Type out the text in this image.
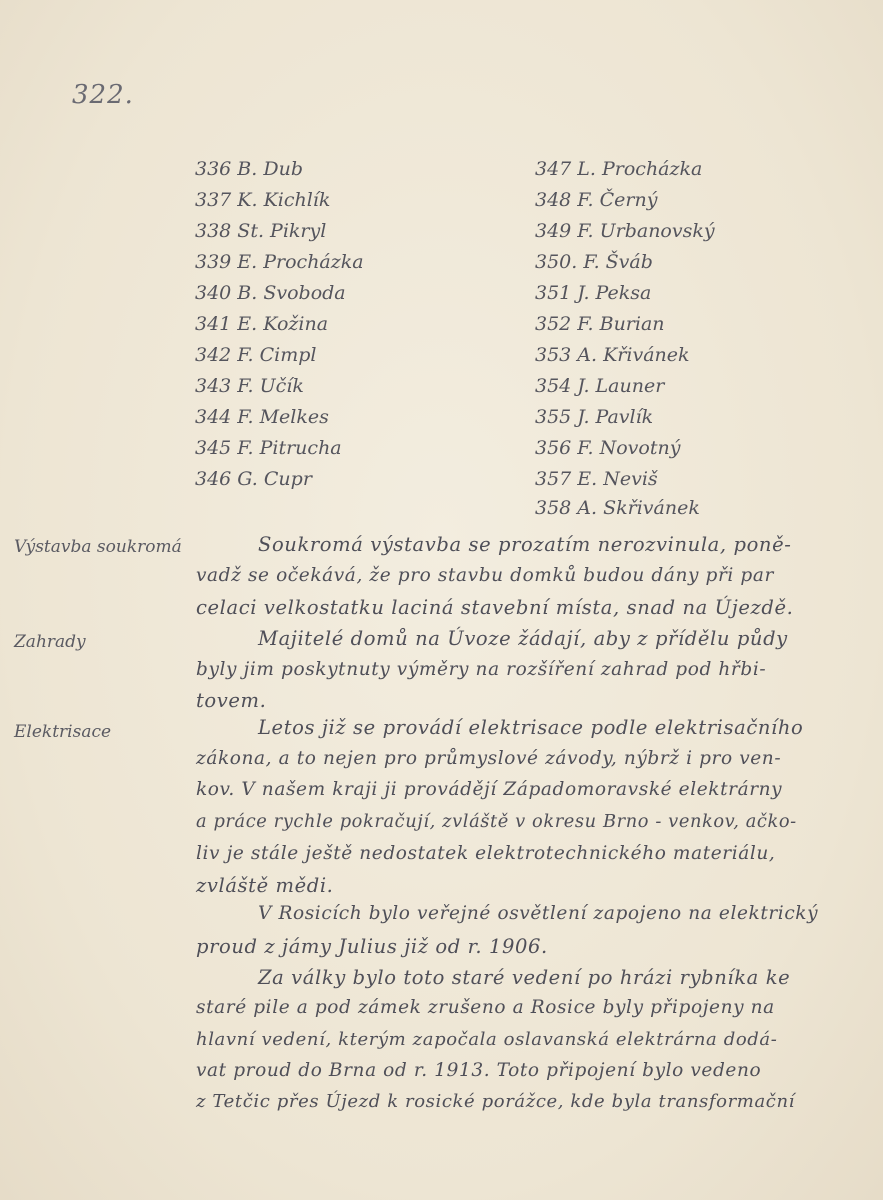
322.
336 B. Dub
337 K. Kichlík
338 St. Pikryl
339 E. Procházka
340 B. Svoboda
341 E. Kožina
342 F. Cimpl
343 F. Učík
344 F. Melkes
345 F. Pitrucha
346 G. Cupr
347 L. Procházka
348 F. Černý
349 F. Urbanovský
350. F. Šváb
351 J. Peksa
352 F. Burian
353 A. Křivánek
354 J. Launer
355 J. Pavlík
356 F. Novotný
357 E. Neviš
358 A. Skřivánek
Výstavba soukromá
Zahrady
Elektrisace
Soukromá výstavba se prozatím nerozvinula, poně-
vadž se očekává, že pro stavbu domků budou dány při par
celaci velkostatku laciná stavební místa, snad na Újezdě.
Majitelé domů na Úvoze žádají, aby z přídělu půdy
byly jim poskytnuty výměry na rozšíření zahrad pod hřbi-
tovem.
Letos již se provádí elektrisace podle elektrisačního
zákona, a to nejen pro průmyslové závody, nýbrž i pro ven-
kov. V našem kraji ji provádějí Západomoravské elektrárny
a práce rychle pokračují, zvláště v okresu Brno - venkov, ačko-
liv je stále ještě nedostatek elektrotechnického materiálu,
zvláště mědi.
V Rosicích bylo veřejné osvětlení zapojeno na elektrický
proud z jámy Julius již od r. 1906.
Za války bylo toto staré vedení po hrázi rybníka ke
staré pile a pod zámek zrušeno a Rosice byly připojeny na
hlavní vedení, kterým započala oslavanská elektrárna dodá-
vat proud do Brna od r. 1913. Toto připojení bylo vedeno
z Tetčic přes Újezd k rosické porážce, kde byla transformační
